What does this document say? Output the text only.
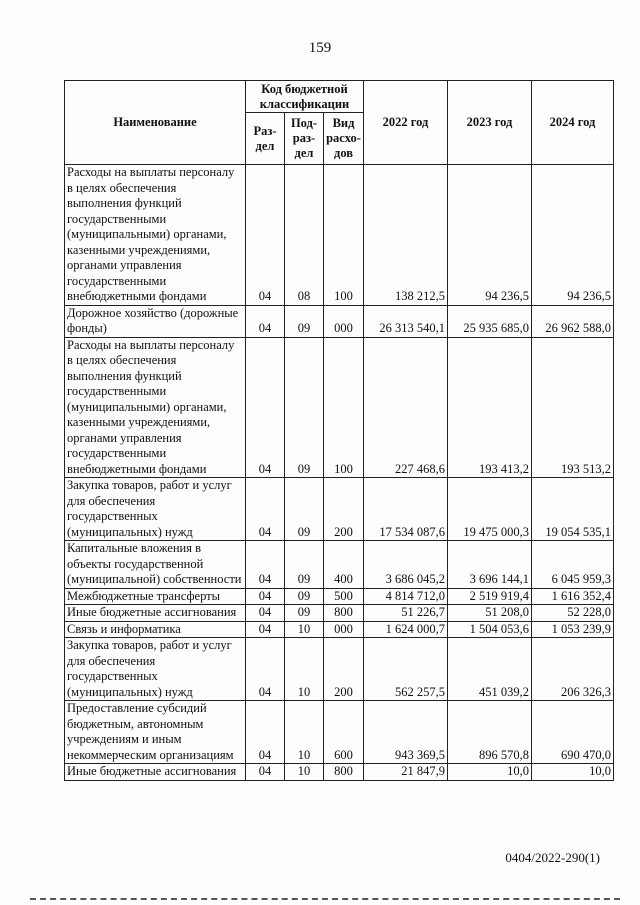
159
Наименование	Код бюджетной классификации			2022 год	2023 год	2024 год
	Раз-дел	Под-раз-дел	Вид расхо-дов			
Расходы на выплаты персоналу в целях обеспечения выполнения функций государственными (муниципальными) органами, казенными учреждениями, органами управления государственными внебюджетными фондами	04	08	100	138 212,5	94 236,5	94 236,5
Дорожное хозяйство (дорожные фонды)	04	09	000	26 313 540,1	25 935 685,0	26 962 588,0
Расходы на выплаты персоналу в целях обеспечения выполнения функций государственными (муниципальными) органами, казенными учреждениями, органами управления государственными внебюджетными фондами	04	09	100	227 468,6	193 413,2	193 513,2
Закупка товаров, работ и услуг для обеспечения государственных (муниципальных) нужд	04	09	200	17 534 087,6	19 475 000,3	19 054 535,1
Капитальные вложения в объекты государственной (муниципальной) собственности	04	09	400	3 686 045,2	3 696 144,1	6 045 959,3
Межбюджетные трансферты	04	09	500	4 814 712,0	2 519 919,4	1 616 352,4
Иные бюджетные ассигнования	04	09	800	51 226,7	51 208,0	52 228,0
Связь и информатика	04	10	000	1 624 000,7	1 504 053,6	1 053 239,9
Закупка товаров, работ и услуг для обеспечения государственных (муниципальных) нужд	04	10	200	562 257,5	451 039,2	206 326,3
Предоставление субсидий бюджетным, автономным учреждениям и иным некоммерческим организациям	04	10	600	943 369,5	896 570,8	690 470,0
Иные бюджетные ассигнования	04	10	800	21 847,9	10,0	10,0
0404/2022-290(1)
